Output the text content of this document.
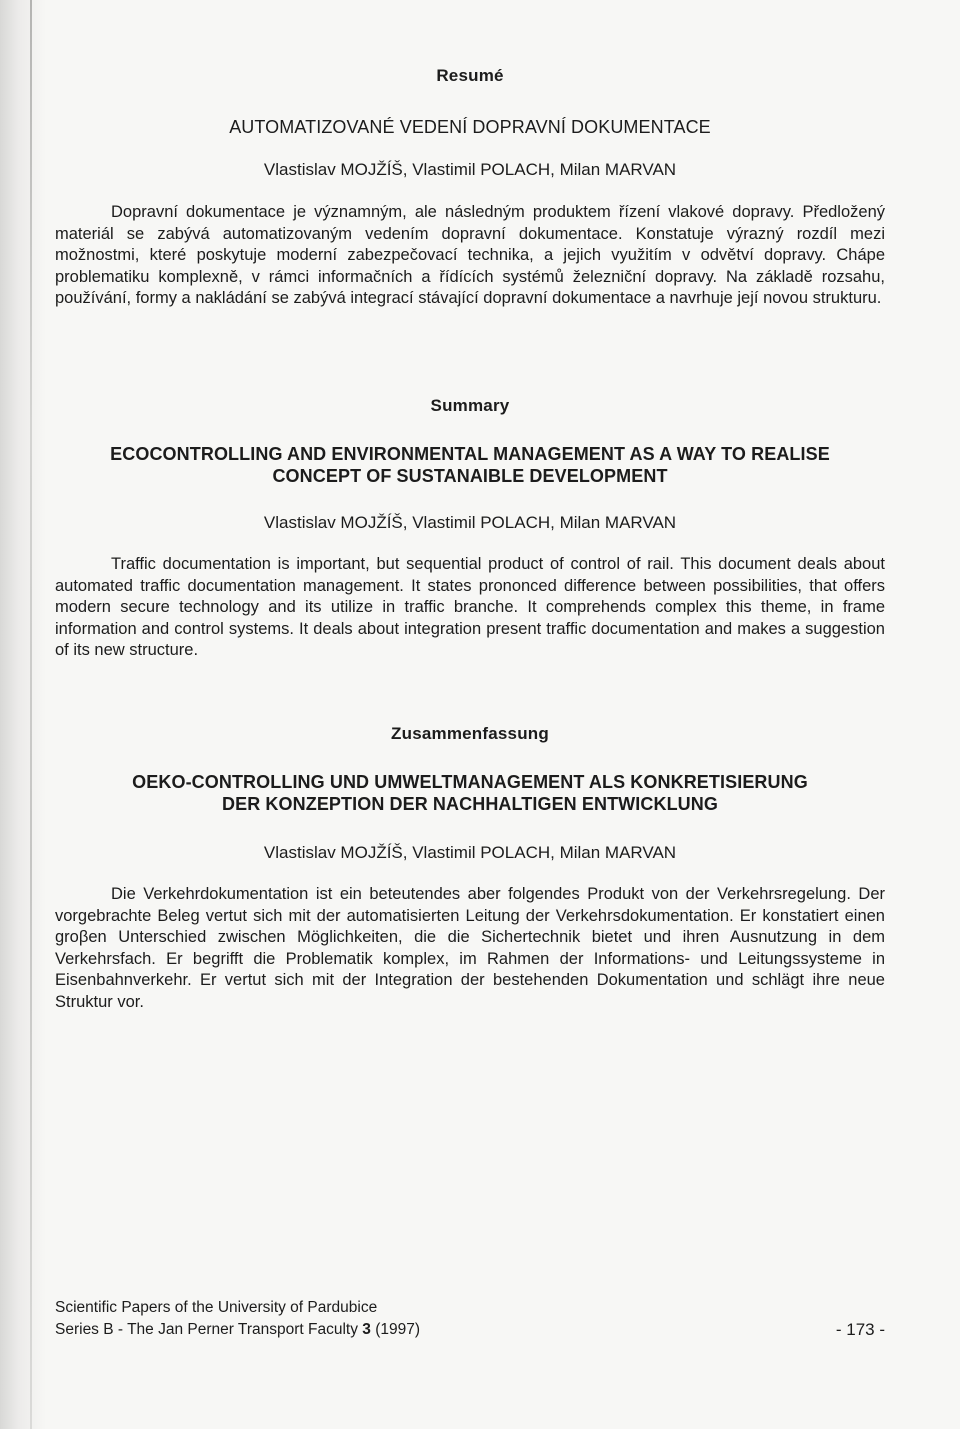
Resumé
AUTOMATIZOVANÉ VEDENÍ DOPRAVNÍ DOKUMENTACE
Vlastislav MOJŽÍŠ, Vlastimil POLACH, Milan MARVAN
Dopravní dokumentace je významným, ale následným produktem řízení vlakové dopravy. Předložený materiál se zabývá automatizovaným vedením dopravní dokumentace. Konstatuje výrazný rozdíl mezi možnostmi, které poskytuje moderní zabezpečovací technika, a jejich využitím v odvětví dopravy. Chápe problematiku komplexně, v rámci informačních a řídících systémů železniční dopravy. Na základě rozsahu, používání, formy a nakládání se zabývá integrací stávající dopravní dokumentace a navrhuje její novou strukturu.
Summary
ECOCONTROLLING AND ENVIRONMENTAL MANAGEMENT AS A WAY TO REALISE
CONCEPT OF SUSTANAIBLE DEVELOPMENT
Vlastislav MOJŽÍŠ, Vlastimil POLACH, Milan MARVAN
Traffic documentation is important, but sequential product of control of rail. This document deals about automated traffic documentation management. It states prononced difference between possibilities, that offers modern secure technology and its utilize in traffic branche. It comprehends complex this theme, in frame information and control systems. It deals about integration present traffic documentation and makes a suggestion of its new structure.
Zusammenfassung
OEKO-CONTROLLING UND UMWELTMANAGEMENT ALS KONKRETISIERUNG
DER KONZEPTION DER NACHHALTIGEN ENTWICKLUNG
Vlastislav MOJŽÍŠ, Vlastimil POLACH, Milan MARVAN
Die Verkehrdokumentation ist ein beteutendes aber folgendes Produkt von der Verkehrsregelung. Der vorgebrachte Beleg vertut sich mit der automatisierten Leitung der Verkehrsdokumentation. Er konstatiert einen groβen Unterschied zwischen Möglichkeiten, die die Sichertechnik bietet und ihren Ausnutzung in dem Verkehrsfach. Er begrifft die Problematik komplex, im Rahmen der Informations- und Leitungssysteme in Eisenbahnverkehr. Er vertut sich mit der Integration der bestehenden Dokumentation und schlägt ihre neue Struktur vor.
Scientific Papers of the University of Pardubice
Series B - The Jan Perner Transport Faculty 3 (1997)	- 173 -
